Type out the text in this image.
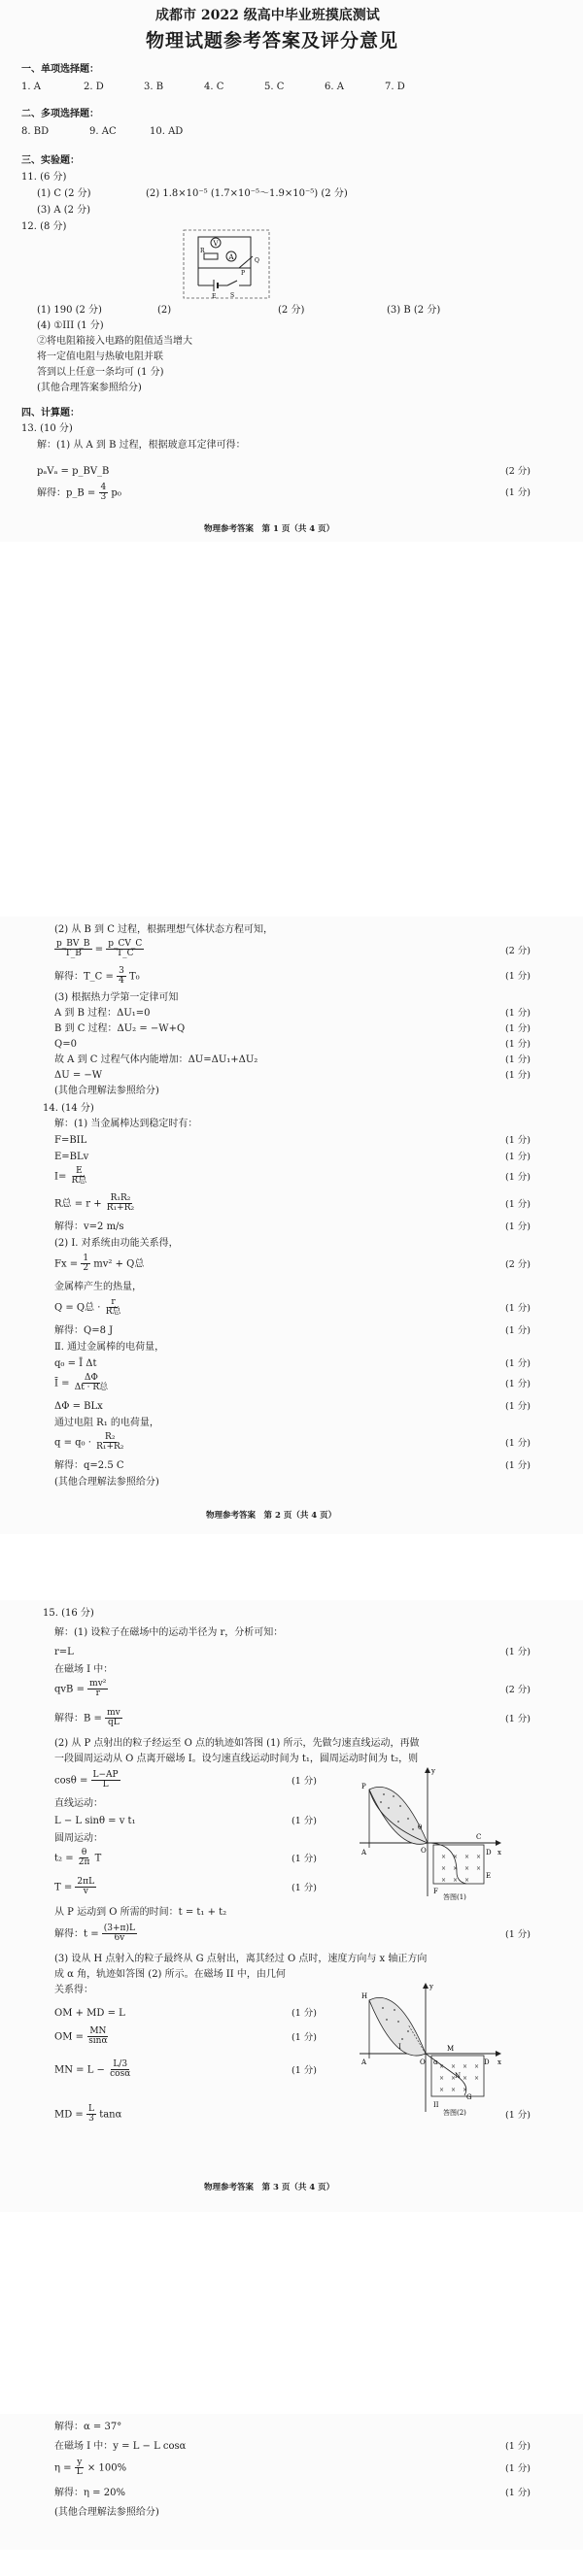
成都市 2022 级高中毕业班摸底测试
物理试题参考答案及评分意见
一、单项选择题：
1. A	2. D	3. B	4. C	5. C	6. A	7. D
二、多项选择题：
8. BD	9. AC	10. AD
三、实验题：
11. (6 分)
(1) C (2 分)	(2) 1.8×10⁻⁵ (1.7×10⁻⁵～1.9×10⁻⁵) (2 分)
(3) A (2 分)
12. (8 分)
V
R
A	Q
P
E S
(1) 190 (2 分)	(2)	(2 分)	(3) B (2 分)
(4) ①III (1 分)
②将电阻箱接入电路的阻值适当增大
将一定值电阻与热敏电阻并联
答到以上任意一条均可 (1 分)
(其他合理答案参照给分)
四、计算题：
13. (10 分)
解：(1) 从 A 到 B 过程，根据玻意耳定律可得：
pₐVₐ = p_BV_B	(2 分)
解得：p_B = $\frac{4}{3} p_0$	(1 分)
物理参考答案　第 1 页（共 4 页）
(2) 从 B 到 C 过程，根据理想气体状态方程可知，
$\frac{p\_BV\_B}{T\_B} = \frac{p\_CV\_C}{T\_C}$	(2 分)
解得：T_C = $\frac{3}{4} T_0$	(1 分)
(3) 根据热力学第一定律可知
A 到 B 过程：ΔU₁=0	(1 分)
B 到 C 过程：ΔU₂ = −W+Q	(1 分)
Q=0	(1 分)
故 A 到 C 过程气体内能增加：ΔU=ΔU₁+ΔU₂	(1 分)
ΔU = −W	(1 分)
(其他合理解法参照给分)
14. (14 分)
解：(1) 当金属棒达到稳定时有：
F=BIL	(1 分)
E=BLv	(1 分)
$I= \frac{E}{\text{R总}}$	(1 分)
R总 = $r + \frac{\text{R₁R₂}}{\text{R₁+R₂}}$	(1 分)
解得：v=2 m/s	(1 分)
(2) Ⅰ. 对系统由功能关系得，
$Fx = \frac{1}{2} mv^2 + Q$总	(2 分)
金属棒产生的热量，
Q = Q总 · $\frac{r}{\text{R总}}$	(1 分)
解得：Q=8 J	(1 分)
Ⅱ. 通过金属棒的电荷量，
q₀ = Ī Δt	(1 分)
Ī = $\frac{\Delta\Phi}{\text{Δt · R总}}$	(1 分)
ΔΦ = BLx	(1 分)
通过电阻 R₁ 的电荷量，
$q = q_0 \cdot \frac{\text{R₂}}{\text{R₁+R₂}}$	(1 分)
解得：q=2.5 C	(1 分)
(其他合理解法参照给分)
物理参考答案　第 2 页（共 4 页）
15. (16 分)
解：(1) 设粒子在磁场中的运动半径为 r，分析可知：
r=L	(1 分)
在磁场 I 中：
qvB = $\frac{\text{mv²}}{r}$	(2 分)
解得：$B = \frac{mv}{qL}$	(1 分)
(2) 从 P 点射出的粒子经运至 O 点的轨迹如答图 (1) 所示，先做匀速直线运动，再做
一段圆周运动从 O 点离开磁场 I。设匀速直线运动时间为 t₁，圆周运动时间为 t₂，则
$\cos\theta = \frac{L-AP}{L}$	(1 分)
直线运动：
L − L sinθ = v t₁	(1 分)
圆周运动：
$t_2 = \frac{\theta}{2\pi}$ T	(1 分)
$T = \frac{2\pi L}{v}$	(1 分)
从 P 运动到 O 所需的时间：t = t₁ + t₂
解得：$t = \frac{(3+\pi)L}{6v}$	(1 分)
(3) 设从 H 点射入的粒子最终从 G 点射出，离其经过 O 点时，速度方向与 x 轴正方向
成 α 角，轨迹如答图 (2) 所示。在磁场 II 中，由几何
关系得：
OM + MD = L	(1 分)
OM = $\frac{MN}{\sin\alpha}$	(1 分)
MN = $L - \frac{L/3}{\cos\alpha}$	(1 分)
MD = $\frac{L}{3}$ tanα	(1 分)
x
y
O
× × × ×
× × × ×
× × ×
A
P
C
D
E
F
θ
答图(1)
x
y
O
× × × ×
× × × ×
× × ×
H
A
M
N
G
D
I
II
α
答图(2)
物理参考答案　第 3 页（共 4 页）
解得：α = 37°
在磁场 I 中：y = L − L cosα	(1 分)
$\eta = \frac{y}{L} \times 100\%$	(1 分)
解得：η = 20%	(1 分)
(其他合理解法参照给分)
